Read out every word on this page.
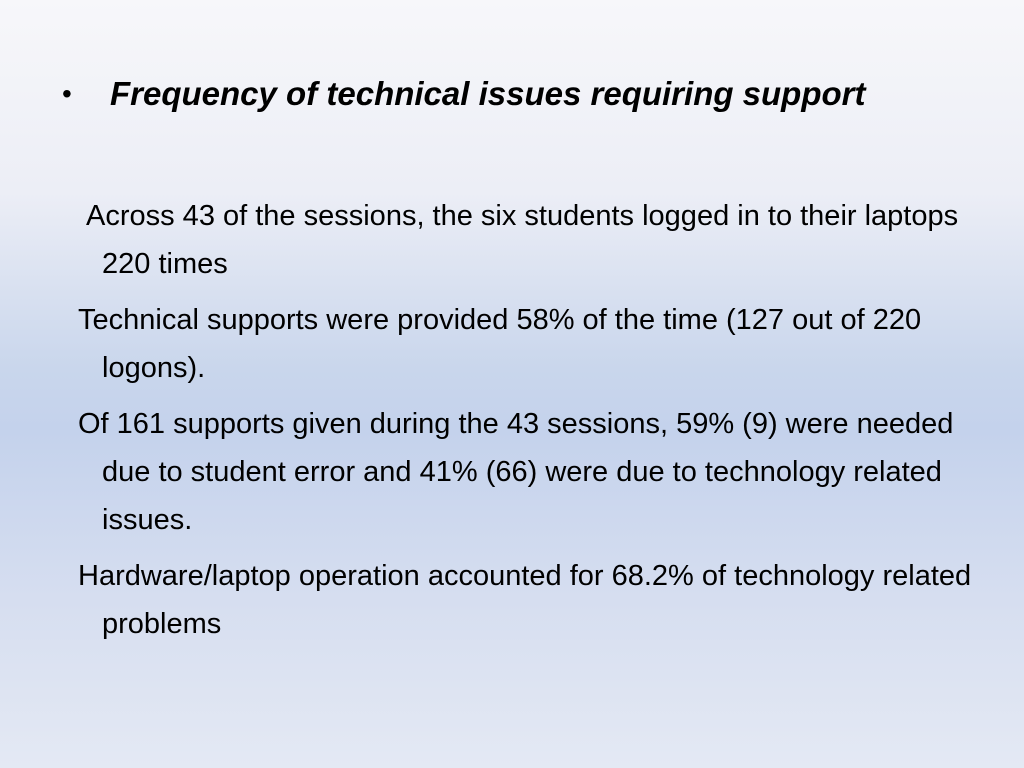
•	Frequency of technical issues requiring support
Across 43 of the sessions, the six students logged in to their laptops 220 times
Technical supports were provided 58% of the time (127 out of 220 logons).
Of 161 supports given during the 43 sessions, 59% (9) were needed due to student error and 41% (66) were due to technology related issues.
Hardware/laptop operation accounted for 68.2% of technology related problems
